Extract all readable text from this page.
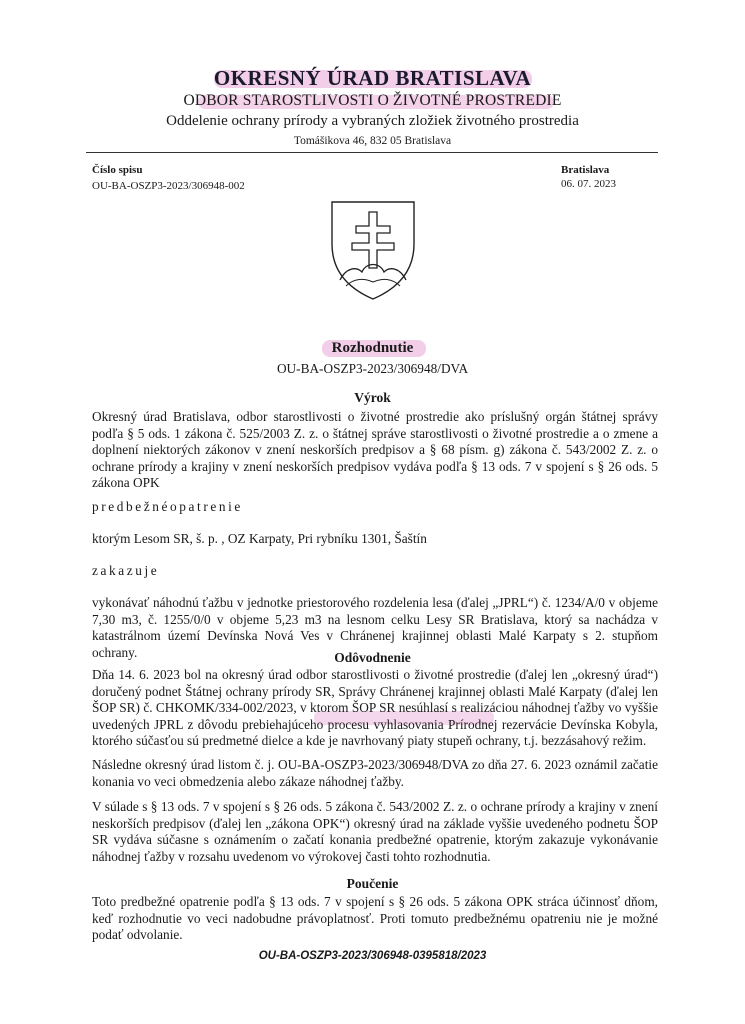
OKRESNÝ ÚRAD BRATISLAVA
ODBOR STAROSTLIVOSTI O ŽIVOTNÉ PROSTREDIE
Oddelenie ochrany prírody a vybraných zložiek životného prostredia
Tomášikova 46, 832 05 Bratislava
Číslo spisu
OU-BA-OSZP3-2023/306948-002
Bratislava
06. 07. 2023
Rozhodnutie
OU-BA-OSZP3-2023/306948/DVA
Výrok
Okresný úrad Bratislava, odbor starostlivosti o životné prostredie ako príslušný orgán štátnej správy podľa § 5 ods. 1 zákona č. 525/2003 Z. z. o štátnej správe starostlivosti o životné prostredie a o zmene a doplnení niektorých zákonov v znení neskorších predpisov a § 68 písm. g) zákona č. 543/2002 Z. z. o ochrane prírody a krajiny v znení neskorších predpisov vydáva podľa § 13 ods. 7 v spojení s § 26 ods. 5 zákona OPK
predbežnéopatrenie
ktorým Lesom SR, š. p. , OZ Karpaty, Pri rybníku 1301, Šaštín
zakazuje
vykonávať náhodnú ťažbu v jednotke priestorového rozdelenia lesa (ďalej „JPRL“) č. 1234/A/0 v objeme 7,30 m3, č. 1255/0/0 v objeme 5,23 m3 na lesnom celku Lesy SR Bratislava, ktorý sa nachádza v katastrálnom území Devínska Nová Ves v Chránenej krajinnej oblasti Malé Karpaty s 2. stupňom ochrany.	Odôvodnenie
Dňa 14. 6. 2023 bol na okresný úrad odbor starostlivosti o životné prostredie (ďalej len „okresný úrad“) doručený podnet Štátnej ochrany prírody SR, Správy Chránenej krajinnej oblasti Malé Karpaty (ďalej len ŠOP SR) č. CHKOMK/334-002/2023, v ktorom ŠOP SR nesúhlasí s realizáciou náhodnej ťažby vo vyššie uvedených JPRL z dôvodu prebiehajúceho procesu vyhlasovania Prírodnej rezervácie Devínska Kobyla, ktorého súčasťou sú predmetné dielce a kde je navrhovaný piaty stupeň ochrany, t.j. bezzásahový režim.
Následne okresný úrad listom č. j. OU-BA-OSZP3-2023/306948/DVA zo dňa 27. 6. 2023 oznámil začatie konania vo veci obmedzenia alebo zákaze náhodnej ťažby.
V súlade s § 13 ods. 7 v spojení s § 26 ods. 5 zákona č. 543/2002 Z. z. o ochrane prírody a krajiny v znení neskorších predpisov (ďalej len „zákona OPK“) okresný úrad na základe vyššie uvedeného podnetu ŠOP SR vydáva súčasne s oznámením o začatí konania predbežné opatrenie, ktorým zakazuje vykonávanie náhodnej ťažby v rozsahu uvedenom vo výrokovej časti tohto rozhodnutia.
Poučenie
Toto predbežné opatrenie podľa § 13 ods. 7 v spojení s § 26 ods. 5 zákona OPK stráca účinnosť dňom, keď rozhodnutie vo veci nadobudne právoplatnosť. Proti tomuto predbežnému opatreniu nie je možné podať odvolanie.
OU-BA-OSZP3-2023/306948-0395818/2023
